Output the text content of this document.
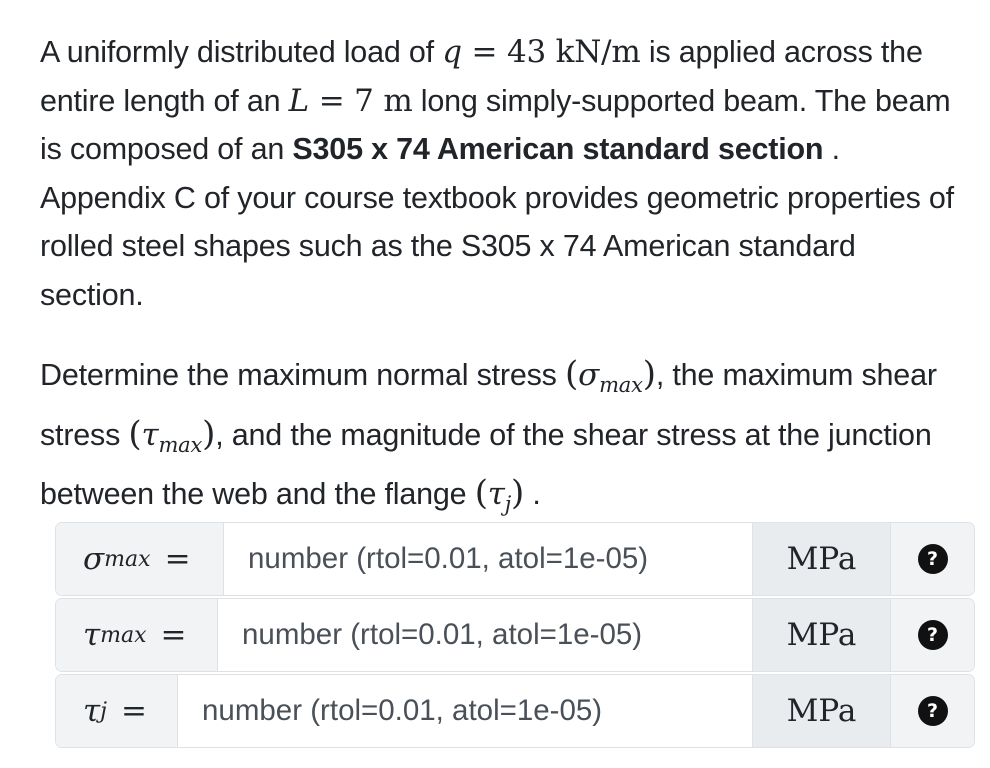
A uniformly distributed load of q = 43 kN/m is applied across the entire length of an L = 7 m long simply-supported beam. The beam is composed of an S305 x 74 American standard section . Appendix C of your course textbook provides geometric properties of rolled steel shapes such as the S305 x 74 American standard section.

Determine the maximum normal stress $(\sigma_{max})$, the maximum shear stress $(\tau_{max})$, and the magnitude of the shear stress at the junction between the web and the flange $(\tau_j)$ .

σ max =	number (rtol=0.01, atol=1e-05)	MPa	?
τ max =	number (rtol=0.01, atol=1e-05)	MPa	?
τ j =	number (rtol=0.01, atol=1e-05)	MPa	?
